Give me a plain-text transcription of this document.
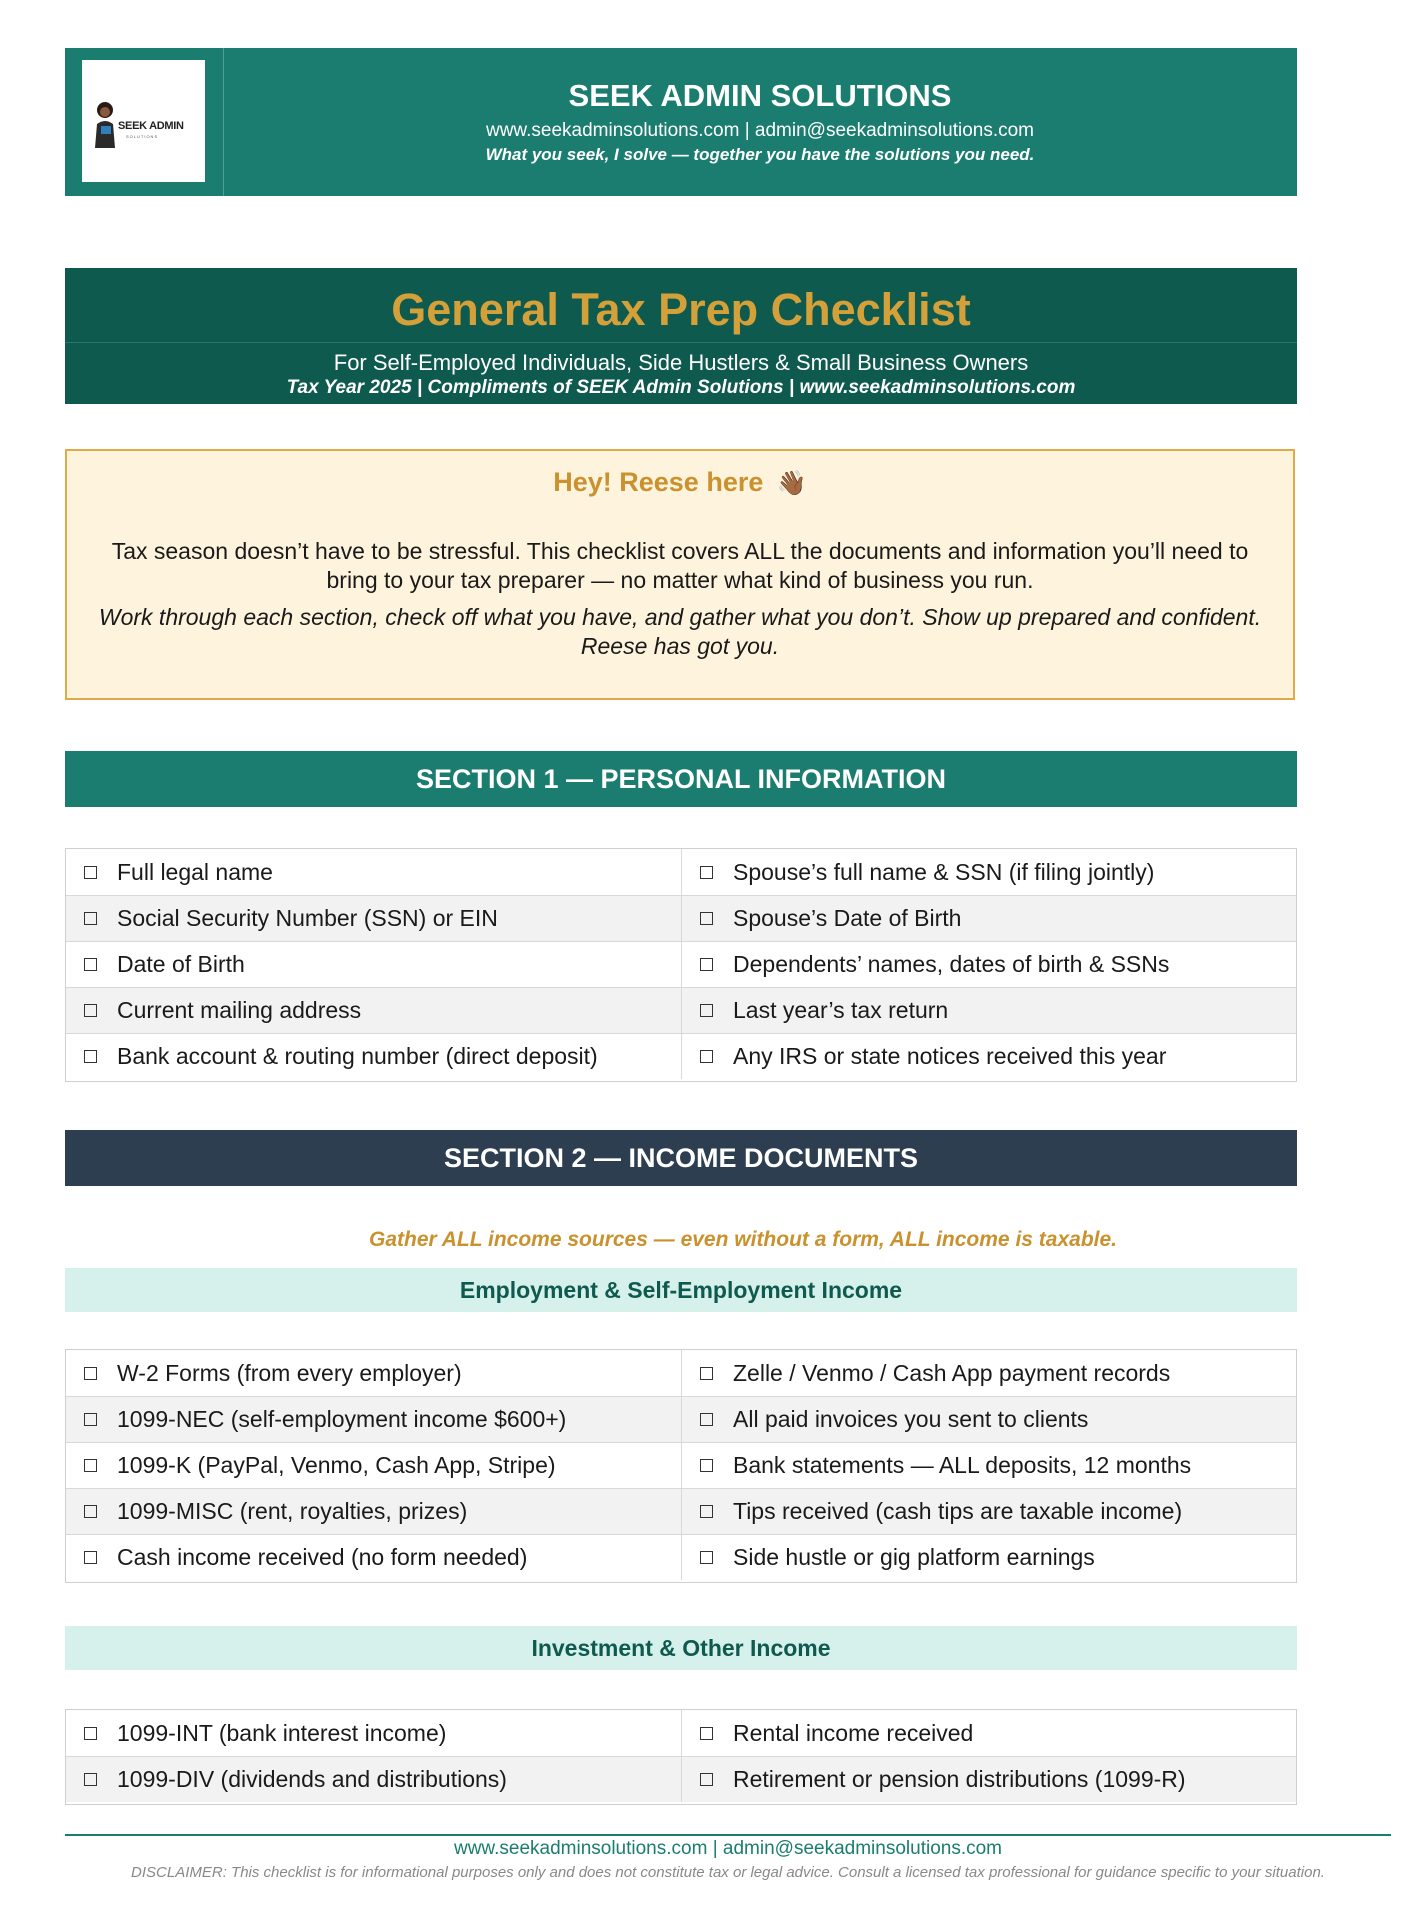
SEEK ADMIN
SOLUTIONS
SEEK ADMIN SOLUTIONS
www.seekadminsolutions.com | admin@seekadminsolutions.com
What you seek, I solve — together you have the solutions you need.
General Tax Prep Checklist
For Self-Employed Individuals, Side Hustlers & Small Business Owners
Tax Year 2025 | Compliments of SEEK Admin Solutions | www.seekadminsolutions.com
Hey! Reese here 👋🏾
Tax season doesn’t have to be stressful. This checklist covers ALL the documents and information you’ll need to bring to your tax preparer — no matter what kind of business you run.
Work through each section, check off what you have, and gather what you don’t. Show up prepared and confident. Reese has got you.
SECTION 1 — PERSONAL INFORMATION
Full legal name	Spouse’s full name & SSN (if filing jointly)
Social Security Number (SSN) or EIN	Spouse’s Date of Birth
Date of Birth	Dependents’ names, dates of birth & SSNs
Current mailing address	Last year’s tax return
Bank account & routing number (direct deposit)	Any IRS or state notices received this year
SECTION 2 — INCOME DOCUMENTS
Gather ALL income sources — even without a form, ALL income is taxable.
Employment & Self-Employment Income
W-2 Forms (from every employer)	Zelle / Venmo / Cash App payment records
1099-NEC (self-employment income $600+)	All paid invoices you sent to clients
1099-K (PayPal, Venmo, Cash App, Stripe)	Bank statements — ALL deposits, 12 months
1099-MISC (rent, royalties, prizes)	Tips received (cash tips are taxable income)
Cash income received (no form needed)	Side hustle or gig platform earnings
Investment & Other Income
1099-INT (bank interest income)	Rental income received
1099-DIV (dividends and distributions)	Retirement or pension distributions (1099-R)
www.seekadminsolutions.com | admin@seekadminsolutions.com
DISCLAIMER: This checklist is for informational purposes only and does not constitute tax or legal advice. Consult a licensed tax professional for guidance specific to your situation.
